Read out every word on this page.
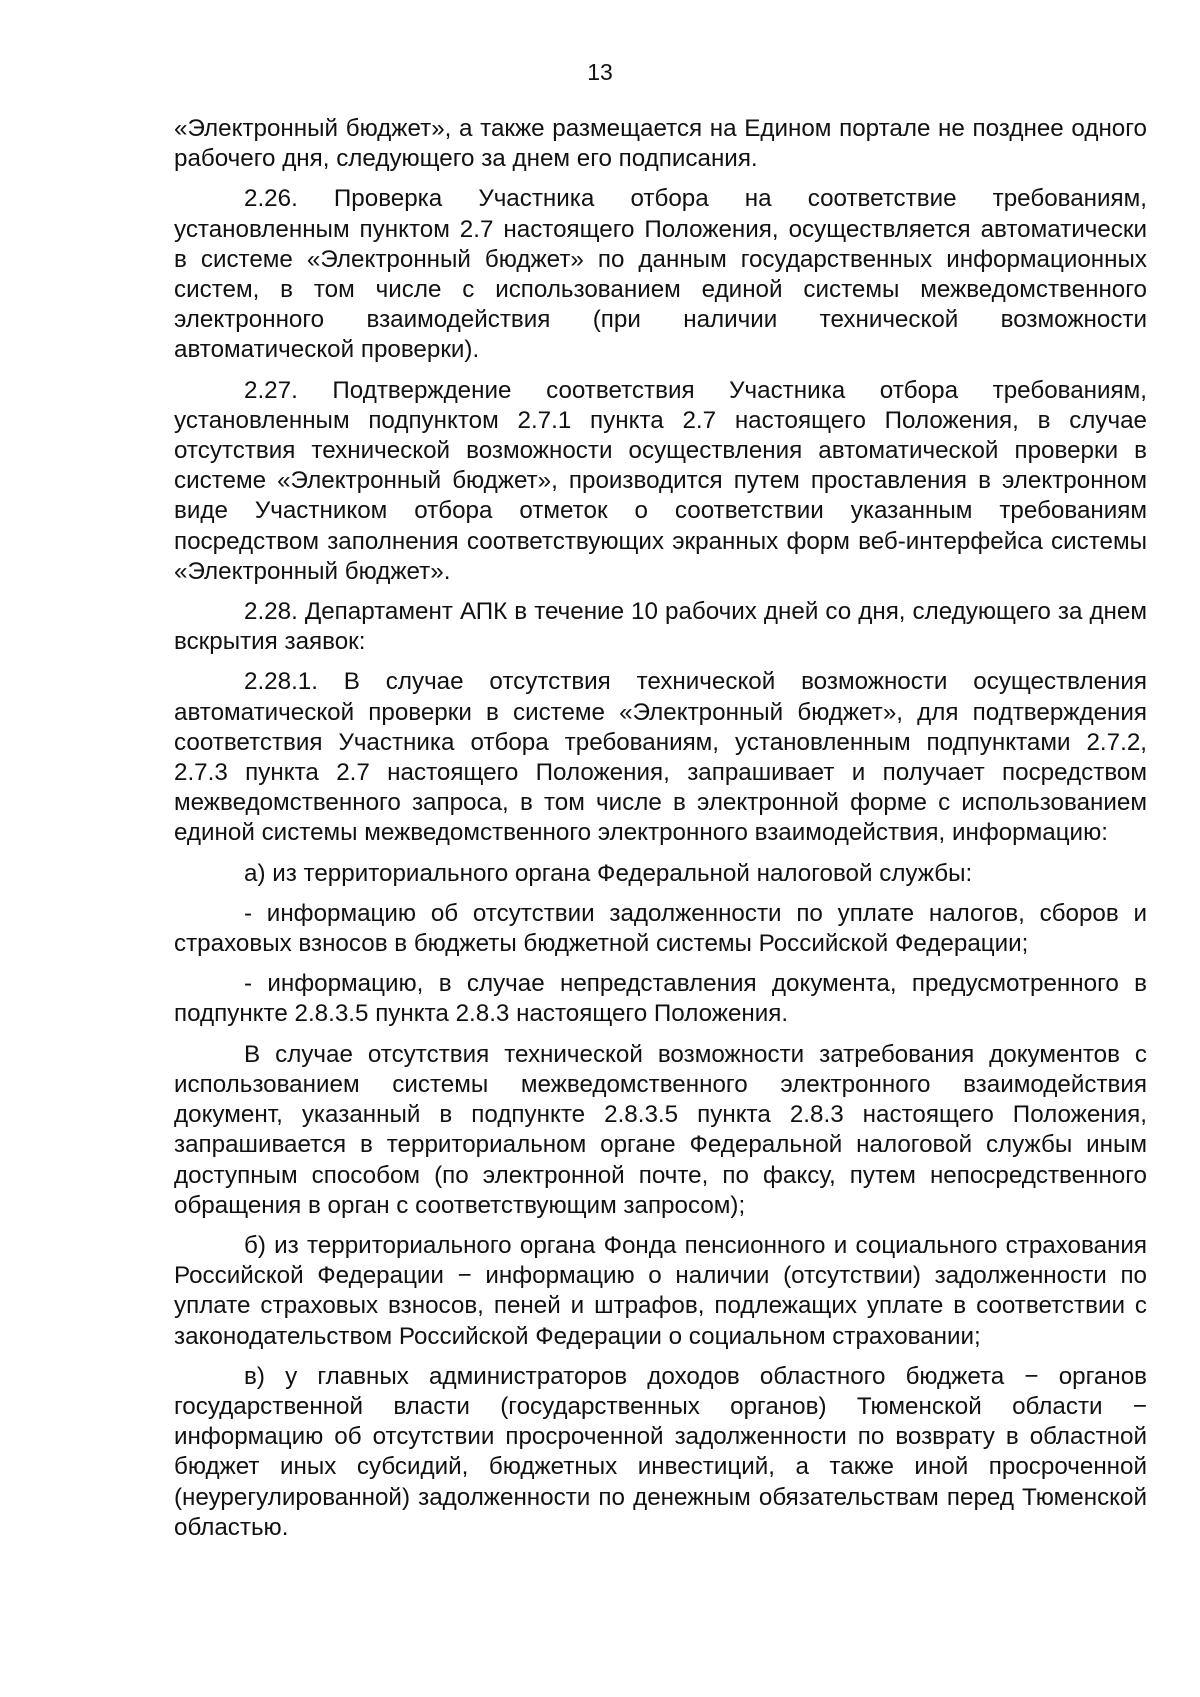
13

«Электронный бюджет», а также размещается на Едином портале не позднее одного рабочего дня, следующего за днем его подписания.

2.26. Проверка Участника отбора на соответствие требованиям, установленным пунктом 2.7 настоящего Положения, осуществляется автоматически в системе «Электронный бюджет» по данным государственных информационных систем, в том числе с использованием единой системы межведомственного электронного взаимодействия (при наличии технической возможности автоматической проверки).

2.27. Подтверждение соответствия Участника отбора требованиям, установленным подпунктом 2.7.1 пункта 2.7 настоящего Положения, в случае отсутствия технической возможности осуществления автоматической проверки в системе «Электронный бюджет», производится путем проставления в электронном виде Участником отбора отметок о соответствии указанным требованиям посредством заполнения соответствующих экранных форм веб-интерфейса системы «Электронный бюджет».

2.28. Департамент АПК в течение 10 рабочих дней со дня, следующего за днем вскрытия заявок:

2.28.1. В случае отсутствия технической возможности осуществления автоматической проверки в системе «Электронный бюджет», для подтверждения соответствия Участника отбора требованиям, установленным подпунктами 2.7.2, 2.7.3 пункта 2.7 настоящего Положения, запрашивает и получает посредством межведомственного запроса, в том числе в электронной форме с использованием единой системы межведомственного электронного взаимодействия, информацию:

а) из территориального органа Федеральной налоговой службы:

- информацию об отсутствии задолженности по уплате налогов, сборов и страховых взносов в бюджеты бюджетной системы Российской Федерации;

- информацию, в случае непредставления документа, предусмотренного в подпункте 2.8.3.5 пункта 2.8.3 настоящего Положения.

В случае отсутствия технической возможности затребования документов с использованием системы межведомственного электронного взаимодействия документ, указанный в подпункте 2.8.3.5 пункта 2.8.3 настоящего Положения, запрашивается в территориальном органе Федеральной налоговой службы иным доступным способом (по электронной почте, по факсу, путем непосредственного обращения в орган с соответствующим запросом);

б) из территориального органа Фонда пенсионного и социального страхования Российской Федерации − информацию о наличии (отсутствии) задолженности по уплате страховых взносов, пеней и штрафов, подлежащих уплате в соответствии с законодательством Российской Федерации о социальном страховании;

в) у главных администраторов доходов областного бюджета − органов государственной власти (государственных органов) Тюменской области − информацию об отсутствии просроченной задолженности по возврату в областной бюджет иных субсидий, бюджетных инвестиций, а также иной просроченной (неурегулированной) задолженности по денежным обязательствам перед Тюменской областью.
